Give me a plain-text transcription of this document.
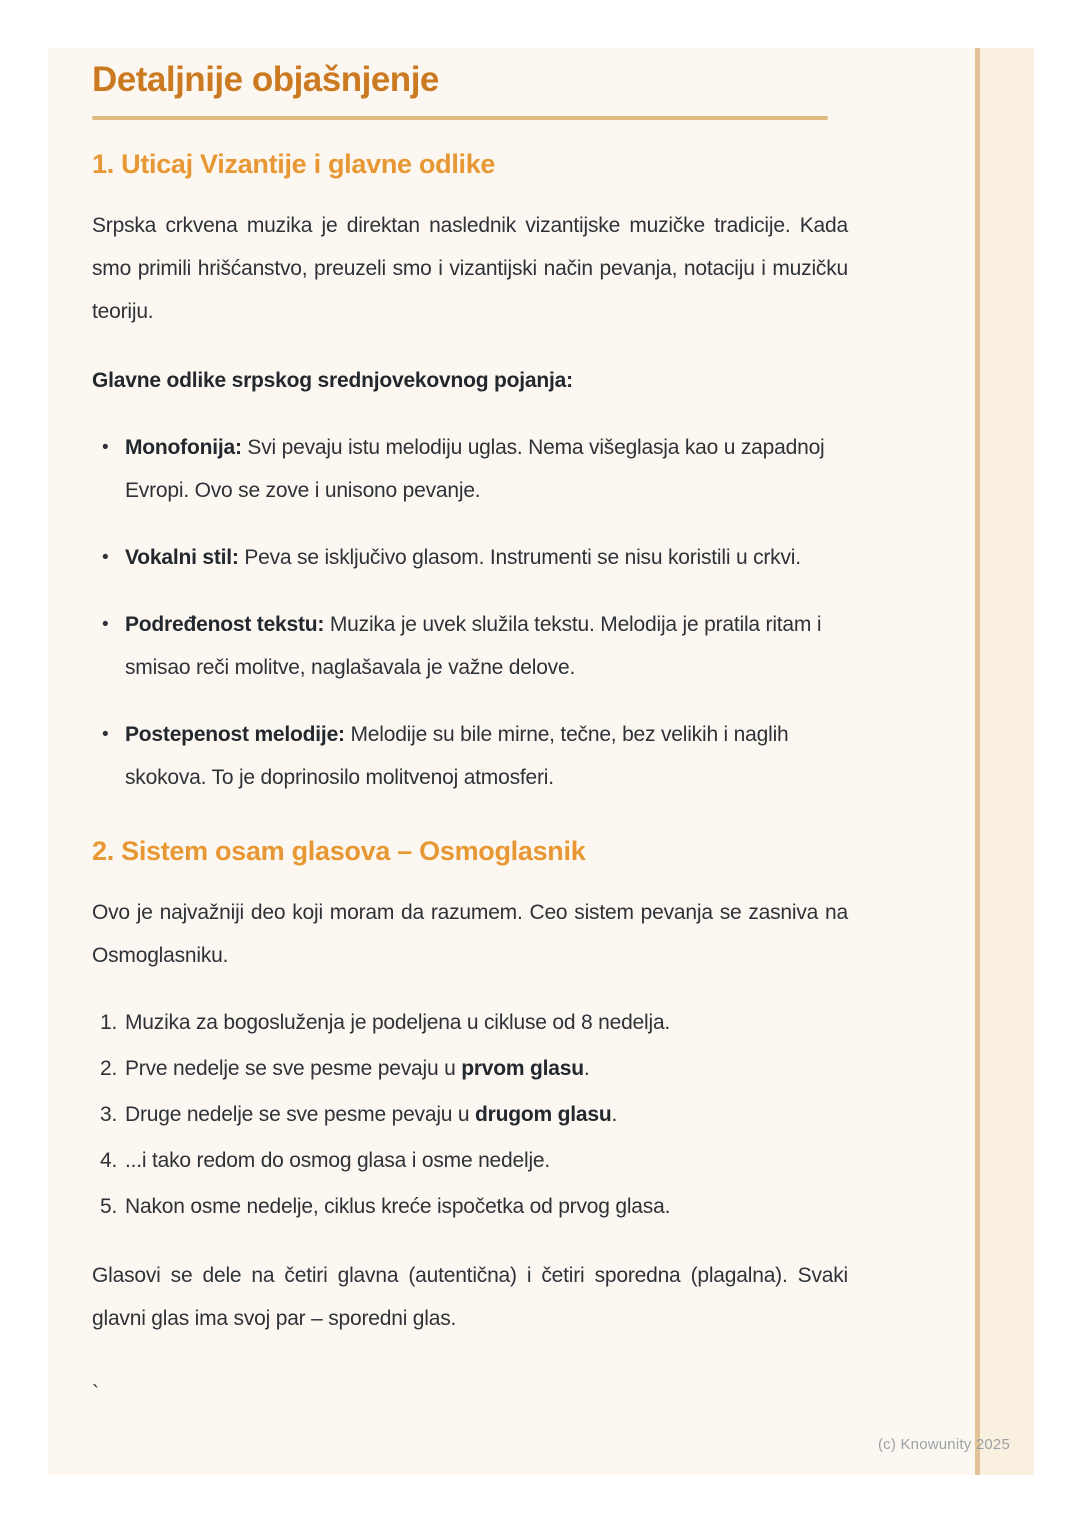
Detaljnije objašnjenje
1. Uticaj Vizantije i glavne odlike

Srpska crkvena muzika je direktan naslednik vizantijske muzičke tradicije. Kada smo primili hrišćanstvo, preuzeli smo i vizantijski način pevanja, notaciju i muzičku teoriju.

Glavne odlike srpskog srednjovekovnog pojanja:

• Monofonija: Svi pevaju istu melodiju uglas. Nema višeglasja kao u zapadnoj Evropi. Ovo se zove i unisono pevanje.
• Vokalni stil: Peva se isključivo glasom. Instrumenti se nisu koristili u crkvi.
• Podređenost tekstu: Muzika je uvek služila tekstu. Melodija je pratila ritam i smisao reči molitve, naglašavala je važne delove.
• Postepenost melodije: Melodije su bile mirne, tečne, bez velikih i naglih skokova. To je doprinosilo molitvenoj atmosferi.
2. Sistem osam glasova – Osmoglasnik

Ovo je najvažniji deo koji moram da razumem. Ceo sistem pevanja se zasniva na Osmoglasniku.

1. Muzika za bogosluženja je podeljena u cikluse od 8 nedelja.
2. Prve nedelje se sve pesme pevaju u prvom glasu.
3. Druge nedelje se sve pesme pevaju u drugom glasu.
4. ...i tako redom do osmog glasa i osme nedelje.
5. Nakon osme nedelje, ciklus kreće ispočetka od prvog glasa.

Glasovi se dele na četiri glavna (autentična) i četiri sporedna (plagalna). Svaki glavni glas ima svoj par – sporedni glas.

`

(c) Knowunity 2025
